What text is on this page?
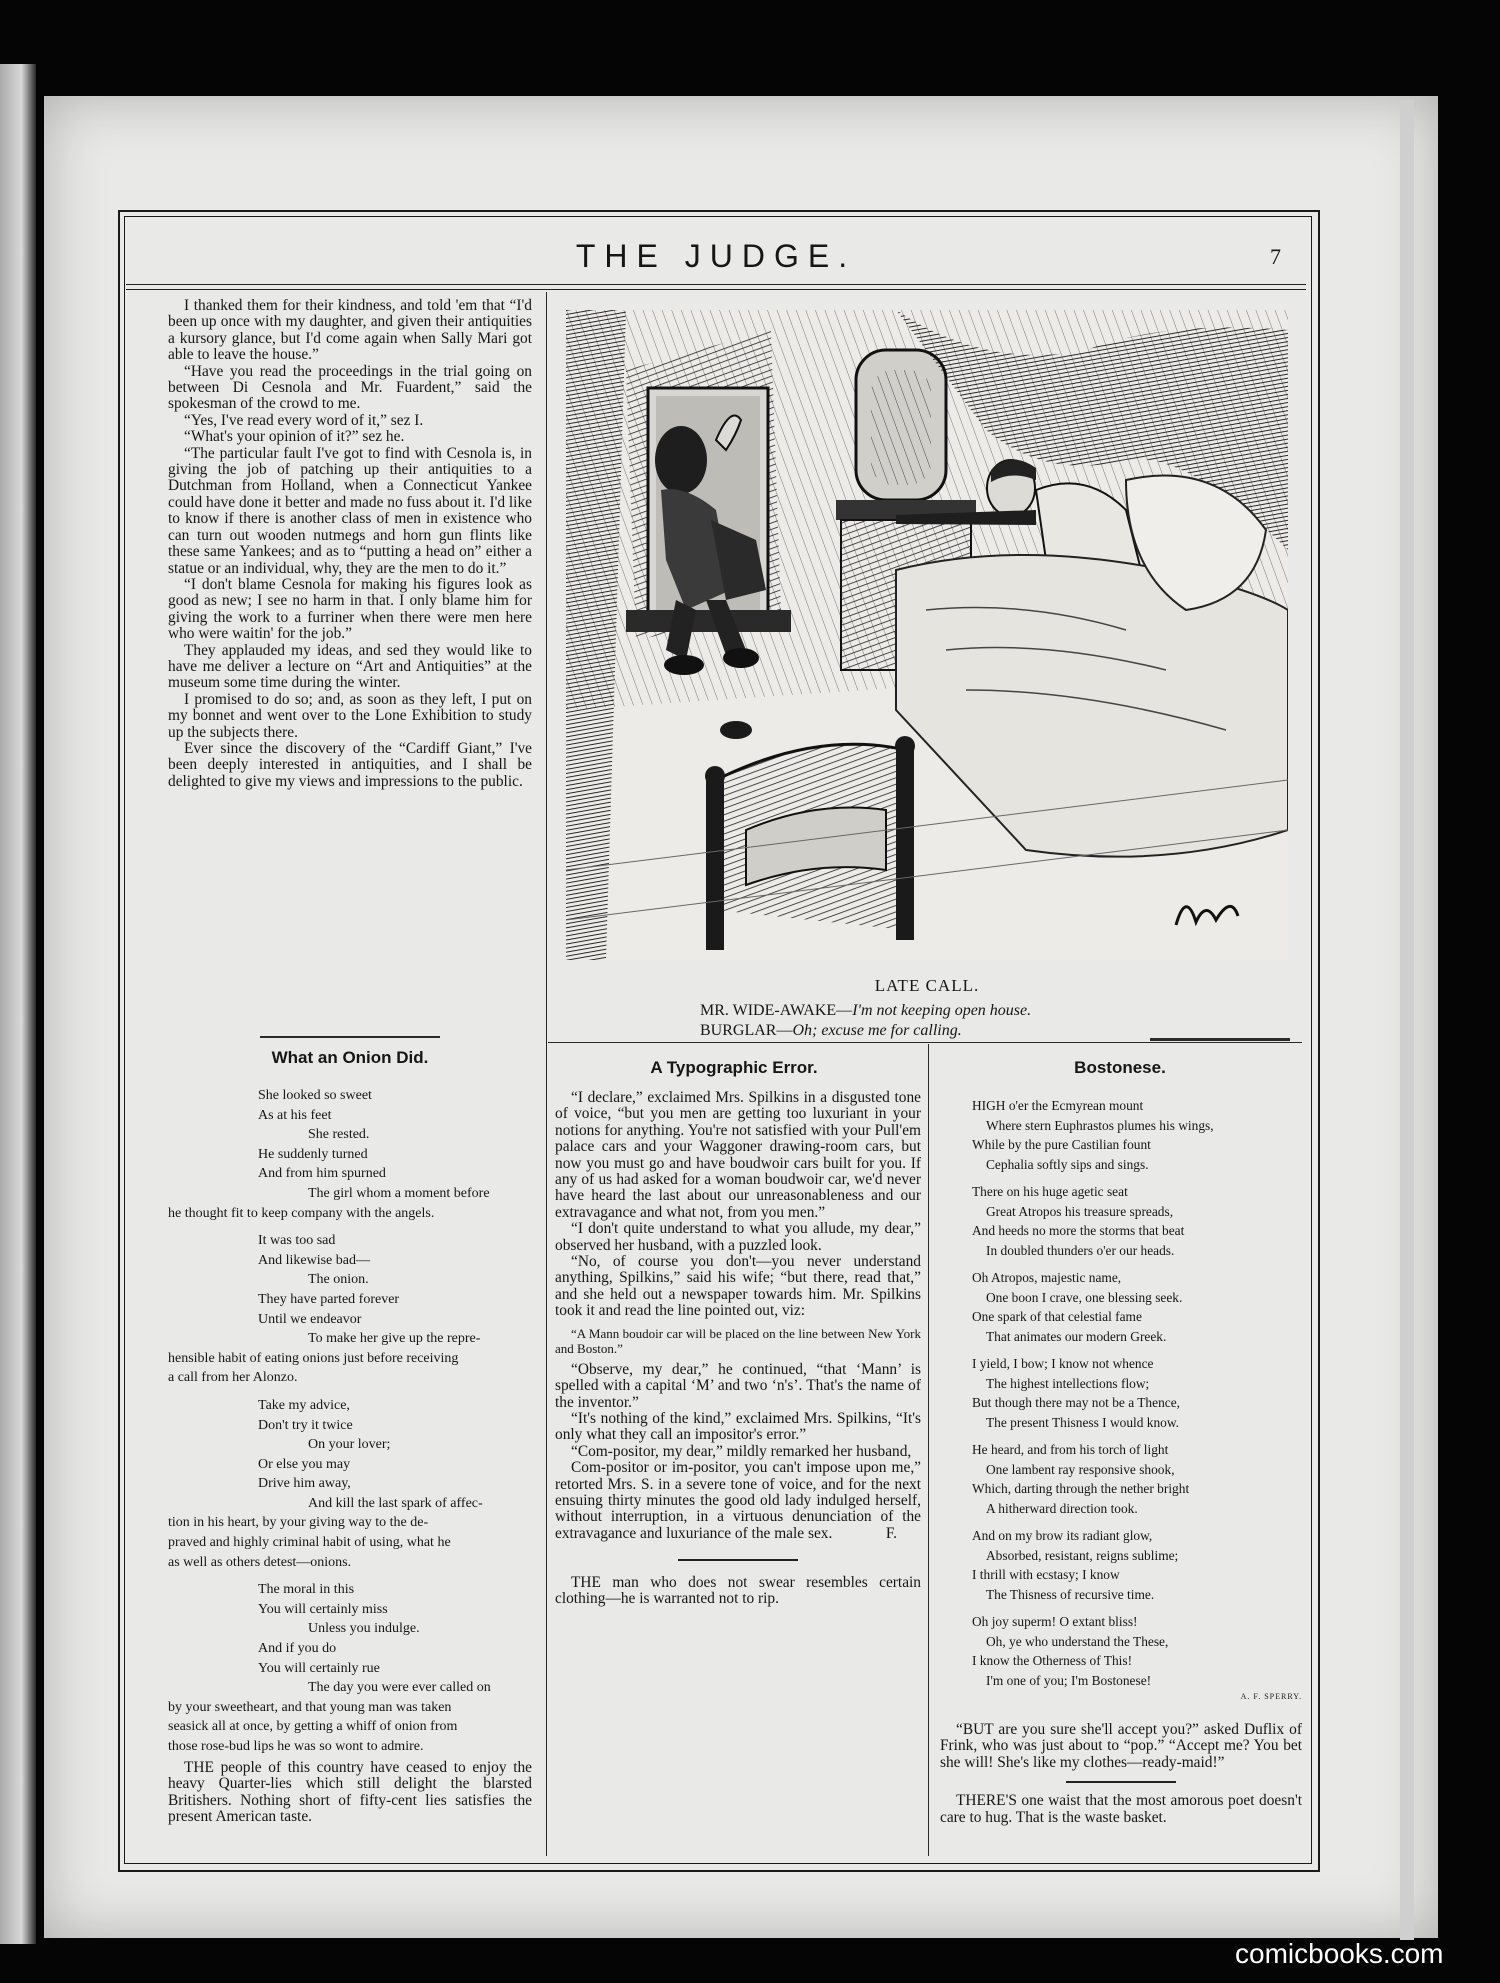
THE JUDGE.	7

I thanked them for their kindness, and told 'em that “I'd been up once with my daughter, and given their antiquities a kursory glance, but I'd come again when Sally Mari got able to leave the house.”

“Have you read the proceedings in the trial going on between Di Cesnola and Mr. Fuardent,” said the spokesman of the crowd to me.

“Yes, I've read every word of it,” sez I.

“What's your opinion of it?” sez he.

“The particular fault I've got to find with Cesnola is, in giving the job of patching up their antiquities to a Dutchman from Holland, when a Connecticut Yankee could have done it better and made no fuss about it. I'd like to know if there is another class of men in existence who can turn out wooden nutmegs and horn gun flints like these same Yankees; and as to “putting a head on” either a statue or an individual, why, they are the men to do it.”

“I don't blame Cesnola for making his figures look as good as new; I see no harm in that. I only blame him for giving the work to a furriner when there were men here who were waitin' for the job.”

They applauded my ideas, and sed they would like to have me deliver a lecture on “Art and Antiquities” at the museum some time during the winter.

I promised to do so; and, as soon as they left, I put on my bonnet and went over to the Lone Exhibition to study up the subjects there.

Ever since the discovery of the “Cardiff Giant,” I've been deeply interested in antiquities, and I shall be delighted to give my views and impressions to the public.

What an Onion Did.
She looked so sweet
As at his feet
She rested.
He suddenly turned
And from him spurned
The girl whom a moment before
he thought fit to keep company with the angels.
It was too sad
And likewise bad—
The onion.
They have parted forever
Until we endeavor
To make her give up the repre-
hensible habit of eating onions just before receiving
a call from her Alonzo.
Take my advice,
Don't try it twice
On your lover;
Or else you may
Drive him away,
And kill the last spark of affec-
tion in his heart, by your giving way to the de-
praved and highly criminal habit of using, what he
as well as others detest—onions.
The moral in this
You will certainly miss
Unless you indulge.
And if you do
You will certainly rue
The day you were ever called on
by your sweetheart, and that young man was taken
seasick all at once, by getting a whiff of onion from
those rose-bud lips he was so wont to admire.

THE people of this country have ceased to enjoy the heavy Quarter-lies which still delight the blarsted Britishers. Nothing short of fifty-cent lies satisfies the present American taste.

LATE CALL.
MR. WIDE-AWAKE—I'm not keeping open house.
BURGLAR—Oh; excuse me for calling.
A Typographic Error.

“I declare,” exclaimed Mrs. Spilkins in a disgusted tone of voice, “but you men are getting too luxuriant in your notions for anything. You're not satisfied with your Pull'em palace cars and your Waggoner drawing-room cars, but now you must go and have boudwoir cars built for you. If any of us had asked for a woman boudwoir car, we'd never have heard the last about our unreasonableness and our extravagance and what not, from you men.”

“I don't quite understand to what you allude, my dear,” observed her husband, with a puzzled look.

“No, of course you don't—you never understand anything, Spilkins,” said his wife; “but there, read that,” and she held out a newspaper towards him. Mr. Spilkins took it and read the line pointed out, viz:

“A Mann boudoir car will be placed on the line between New York and Boston.”

“Observe, my dear,” he continued, “that ‘Mann’ is spelled with a capital ‘M’ and two ‘n's’. That's the name of the inventor.”

“It's nothing of the kind,” exclaimed Mrs. Spilkins, “It's only what they call an impositor's error.”

“Com-positor, my dear,” mildly remarked her husband,

Com-positor or im-positor, you can't impose upon me,” retorted Mrs. S. in a severe tone of voice, and for the next ensuing thirty minutes the good old lady indulged herself, without interruption, in a virtuous denunciation of the extravagance and luxuriance of the male sex.	F.

THE man who does not swear resembles certain clothing—he is warranted not to rip.

Bostonese.
HIGH o'er the Ecmyrean mount
Where stern Euphrastos plumes his wings,
While by the pure Castilian fount
Cephalia softly sips and sings.
There on his huge agetic seat
Great Atropos his treasure spreads,
And heeds no more the storms that beat
In doubled thunders o'er our heads.
Oh Atropos, majestic name,
One boon I crave, one blessing seek.
One spark of that celestial fame
That animates our modern Greek.
I yield, I bow; I know not whence
The highest intellections flow;
But though there may not be a Thence,
The present Thisness I would know.
He heard, and from his torch of light
One lambent ray responsive shook,
Which, darting through the nether bright
A hitherward direction took.
And on my brow its radiant glow,
Absorbed, resistant, reigns sublime;
I thrill with ecstasy; I know
The Thisness of recursive time.
Oh joy superm! O extant bliss!
Oh, ye who understand the These,
I know the Otherness of This!
I'm one of you; I'm Bostonese!
A. F. SPERRY.

“BUT are you sure she'll accept you?” asked Duflix of Frink, who was just about to “pop.” “Accept me? You bet she will! She's like my clothes—ready-maid!”

THERE'S one waist that the most amorous poet doesn't care to hug. That is the waste basket.

comicbooks.com
